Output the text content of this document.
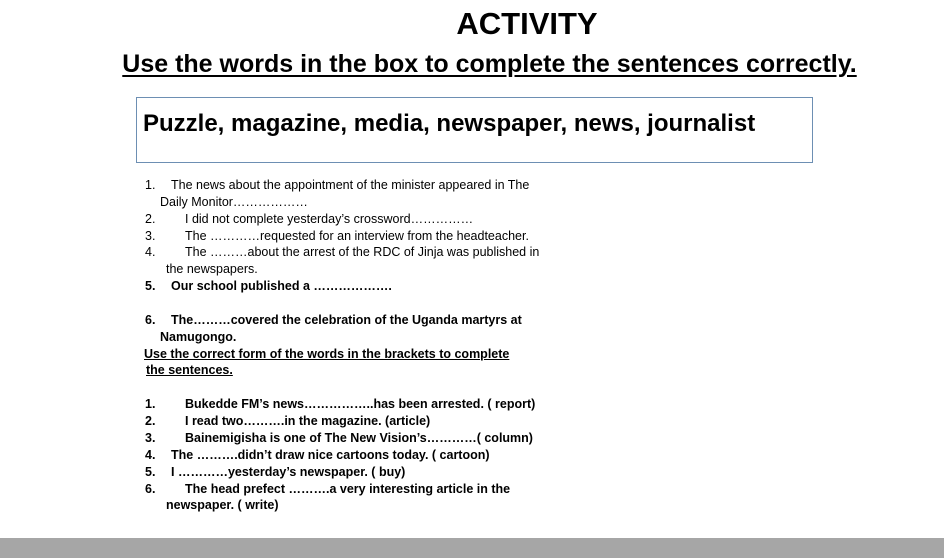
ACTIVITY
Use the words in the box to complete the sentences correctly.
Puzzle, magazine, media, newspaper, news, journalist
1. The news about the appointment of the minister appeared in The
Daily Monitor………………
2. I did not complete yesterday’s crossword……………
3. The …………requested for an interview from the headteacher.
4. The ………about the arrest of the RDC of Jinja was published in
the newspapers.
5. Our school published a ……………….
6. The………covered the celebration of the Uganda martyrs at
Namugongo.
Use the correct form of the words in the brackets to complete
the sentences.
1. Bukedde FM’s news……………..has been arrested. ( report)
2. I read two……….in the magazine. (article)
3. Bainemigisha is one of The New Vision’s…………( column)
4. The ……….didn’t draw nice cartoons today. ( cartoon)
5. I …………yesterday’s newspaper. ( buy)
6. The head prefect ……….a very interesting article in the
newspaper. ( write)
